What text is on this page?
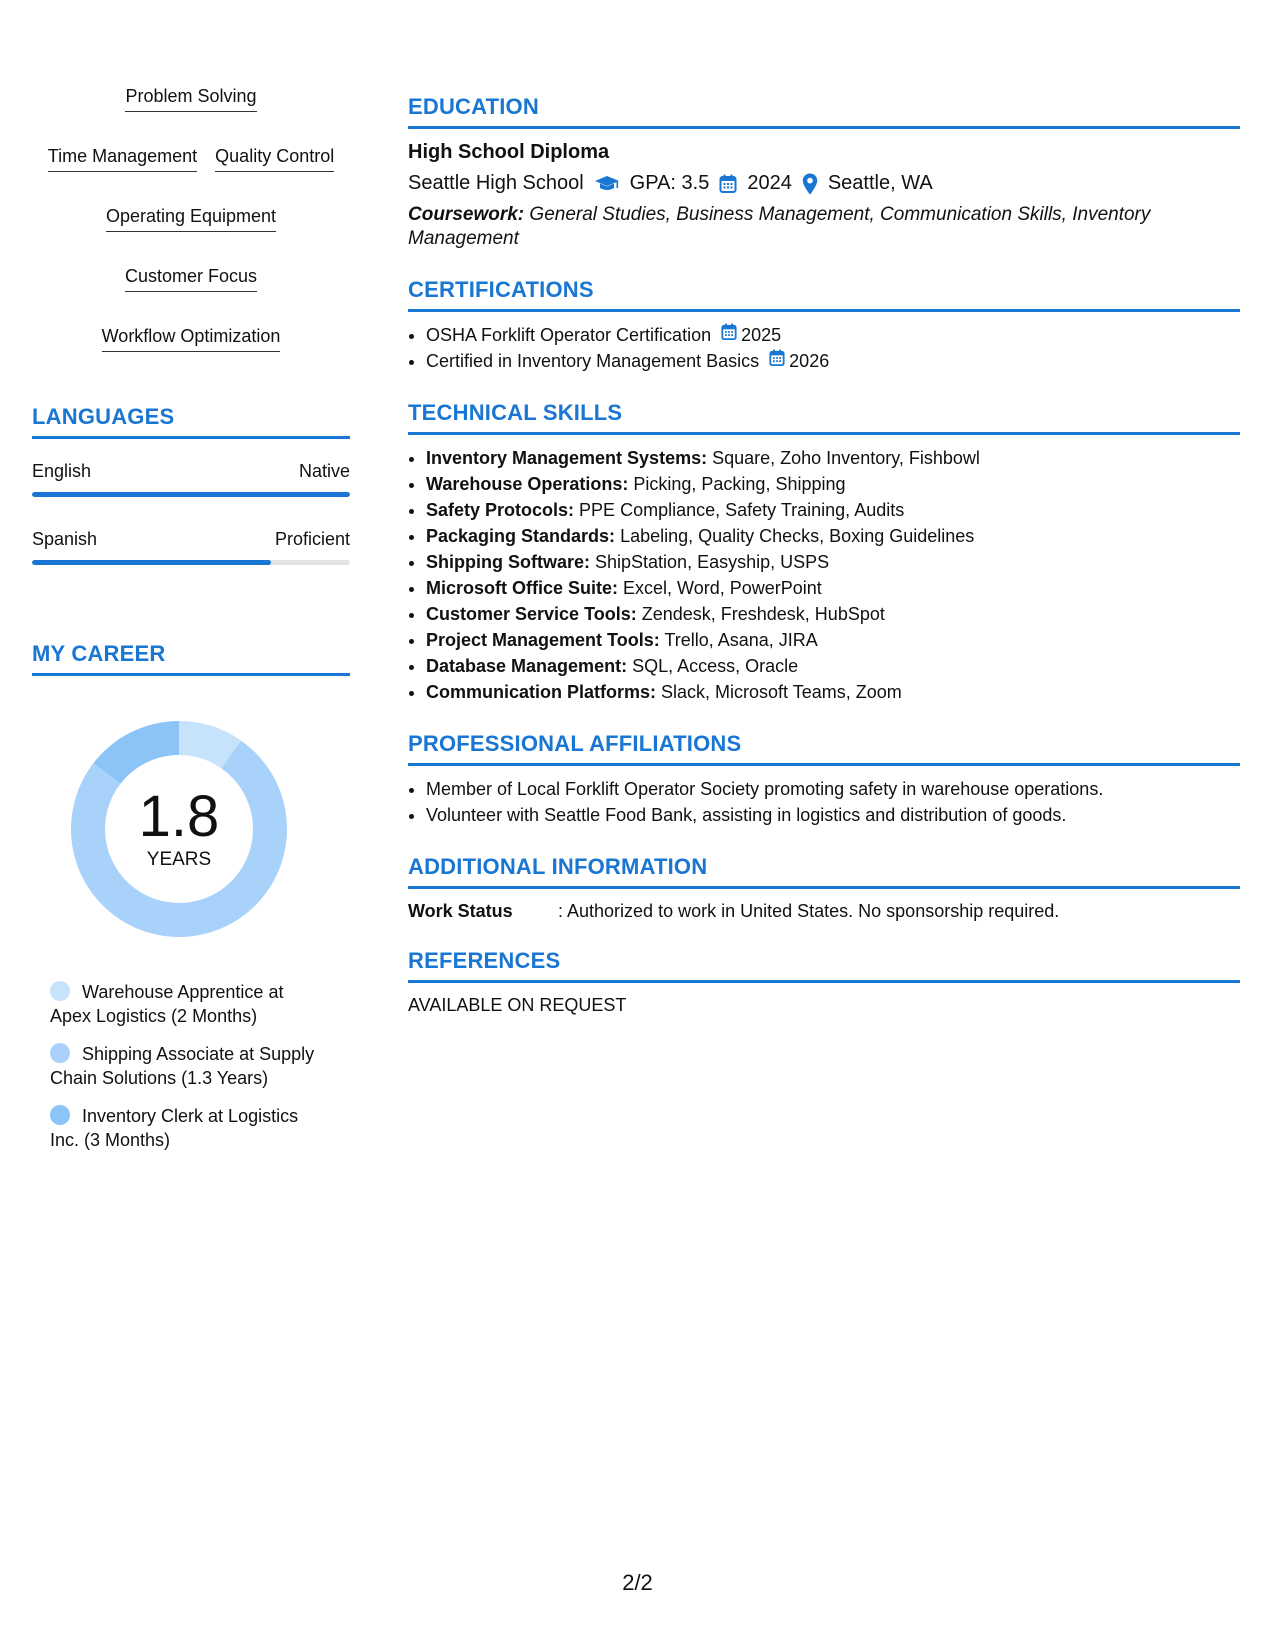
Problem Solving
Time Management Quality Control
Operating Equipment
Customer Focus
Workflow Optimization
LANGUAGES
English	Native
Spanish	Proficient
MY CAREER
1.8
YEARS
Warehouse Apprentice at Apex Logistics (2 Months)
Shipping Associate at Supply Chain Solutions (1.3 Years)
Inventory Clerk at Logistics Inc. (3 Months)
EDUCATION
High School Diploma
Seattle High School GPA: 3.5 2024 Seattle, WA
Coursework: General Studies, Business Management, Communication Skills, Inventory Management
CERTIFICATIONS
• OSHA Forklift Operator Certification 2025
• Certified in Inventory Management Basics 2026
TECHNICAL SKILLS
• Inventory Management Systems: Square, Zoho Inventory, Fishbowl
• Warehouse Operations: Picking, Packing, Shipping
• Safety Protocols: PPE Compliance, Safety Training, Audits
• Packaging Standards: Labeling, Quality Checks, Boxing Guidelines
• Shipping Software: ShipStation, Easyship, USPS
• Microsoft Office Suite: Excel, Word, PowerPoint
• Customer Service Tools: Zendesk, Freshdesk, HubSpot
• Project Management Tools: Trello, Asana, JIRA
• Database Management: SQL, Access, Oracle
• Communication Platforms: Slack, Microsoft Teams, Zoom
PROFESSIONAL AFFILIATIONS
• Member of Local Forklift Operator Society promoting safety in warehouse operations.
• Volunteer with Seattle Food Bank, assisting in logistics and distribution of goods.
ADDITIONAL INFORMATION
Work Status	: Authorized to work in United States. No sponsorship required.
REFERENCES
AVAILABLE ON REQUEST
2/2
